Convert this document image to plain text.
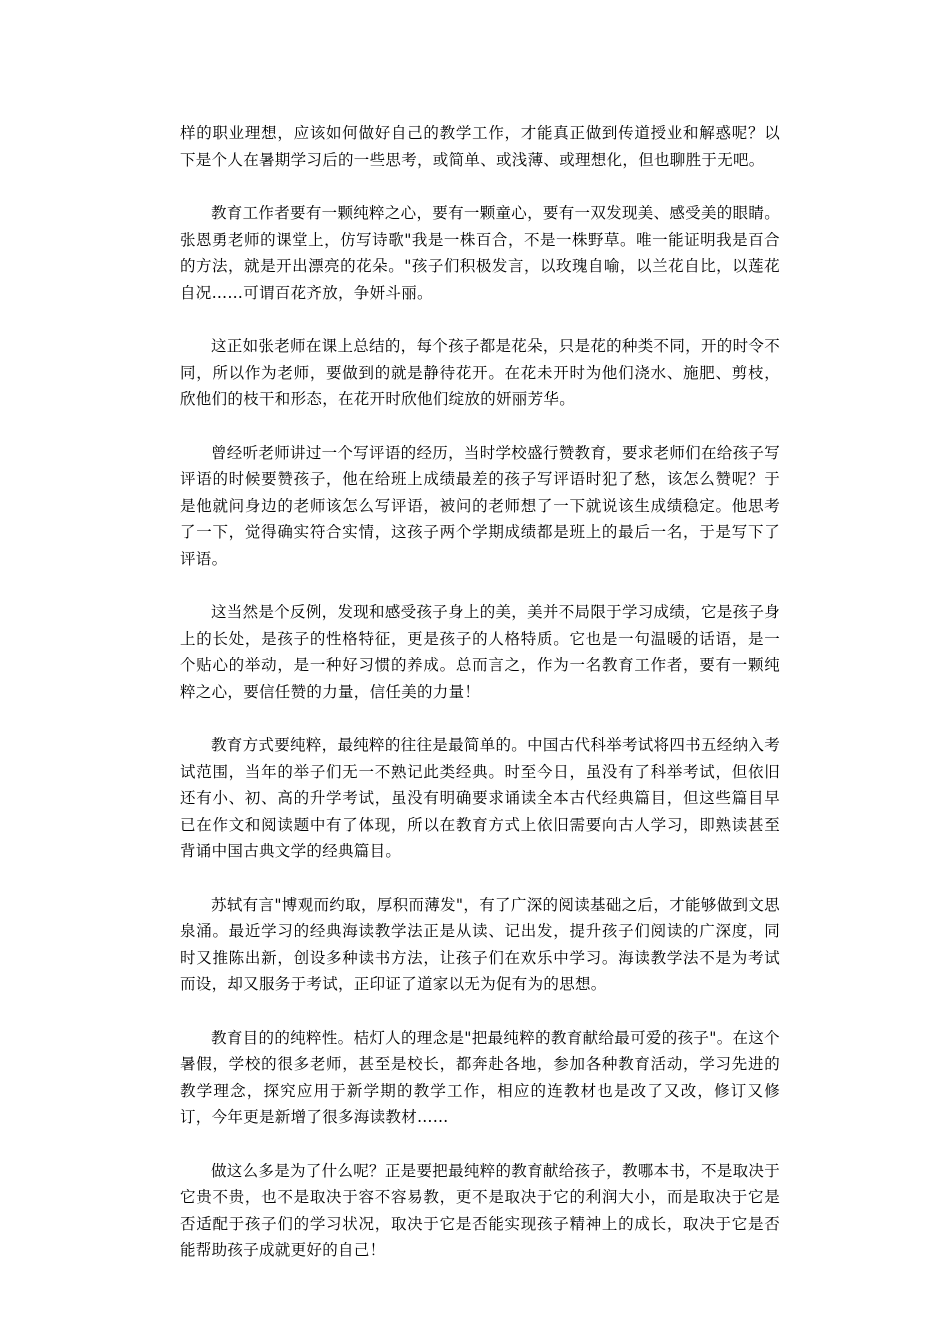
样的职业理想，应该如何做好自己的教学工作，才能真正做到传道授业和解惑呢？以下是个人在暑期学习后的一些思考，或简单、或浅薄、或理想化，但也聊胜于无吧。

教育工作者要有一颗纯粹之心，要有一颗童心，要有一双发现美、感受美的眼睛。张恩勇老师的课堂上，仿写诗歌"我是一株百合，不是一株野草。唯一能证明我是百合的方法，就是开出漂亮的花朵。"孩子们积极发言，以玫瑰自喻，以兰花自比，以莲花自况……可谓百花齐放，争妍斗丽。

这正如张老师在课上总结的，每个孩子都是花朵，只是花的种类不同，开的时令不同，所以作为老师，要做到的就是静待花开。在花未开时为他们浇水、施肥、剪枝，欣他们的枝干和形态，在花开时欣他们绽放的妍丽芳华。

曾经听老师讲过一个写评语的经历，当时学校盛行赞教育，要求老师们在给孩子写评语的时候要赞孩子，他在给班上成绩最差的孩子写评语时犯了愁，该怎么赞呢？于是他就问身边的老师该怎么写评语，被问的老师想了一下就说该生成绩稳定。他思考了一下，觉得确实符合实情，这孩子两个学期成绩都是班上的最后一名，于是写下了评语。

这当然是个反例，发现和感受孩子身上的美，美并不局限于学习成绩，它是孩子身上的长处，是孩子的性格特征，更是孩子的人格特质。它也是一句温暖的话语，是一个贴心的举动，是一种好习惯的养成。总而言之，作为一名教育工作者，要有一颗纯粹之心，要信任赞的力量，信任美的力量！

教育方式要纯粹，最纯粹的往往是最简单的。中国古代科举考试将四书五经纳入考试范围，当年的举子们无一不熟记此类经典。时至今日，虽没有了科举考试，但依旧还有小、初、高的升学考试，虽没有明确要求诵读全本古代经典篇目，但这些篇目早已在作文和阅读题中有了体现，所以在教育方式上依旧需要向古人学习，即熟读甚至背诵中国古典文学的经典篇目。

苏轼有言"博观而约取，厚积而薄发"，有了广深的阅读基础之后，才能够做到文思泉涌。最近学习的经典海读教学法正是从读、记出发，提升孩子们阅读的广深度，同时又推陈出新，创设多种读书方法，让孩子们在欢乐中学习。海读教学法不是为考试而设，却又服务于考试，正印证了道家以无为促有为的思想。

教育目的的纯粹性。桔灯人的理念是"把最纯粹的教育献给最可爱的孩子"。在这个暑假，学校的很多老师，甚至是校长，都奔赴各地，参加各种教育活动，学习先进的教学理念，探究应用于新学期的教学工作，相应的连教材也是改了又改，修订又修订，今年更是新增了很多海读教材……

做这么多是为了什么呢？正是要把最纯粹的教育献给孩子，教哪本书，不是取决于它贵不贵，也不是取决于容不容易教，更不是取决于它的利润大小，而是取决于它是否适配于孩子们的学习状况，取决于它是否能实现孩子精神上的成长，取决于它是否能帮助孩子成就更好的自己！
